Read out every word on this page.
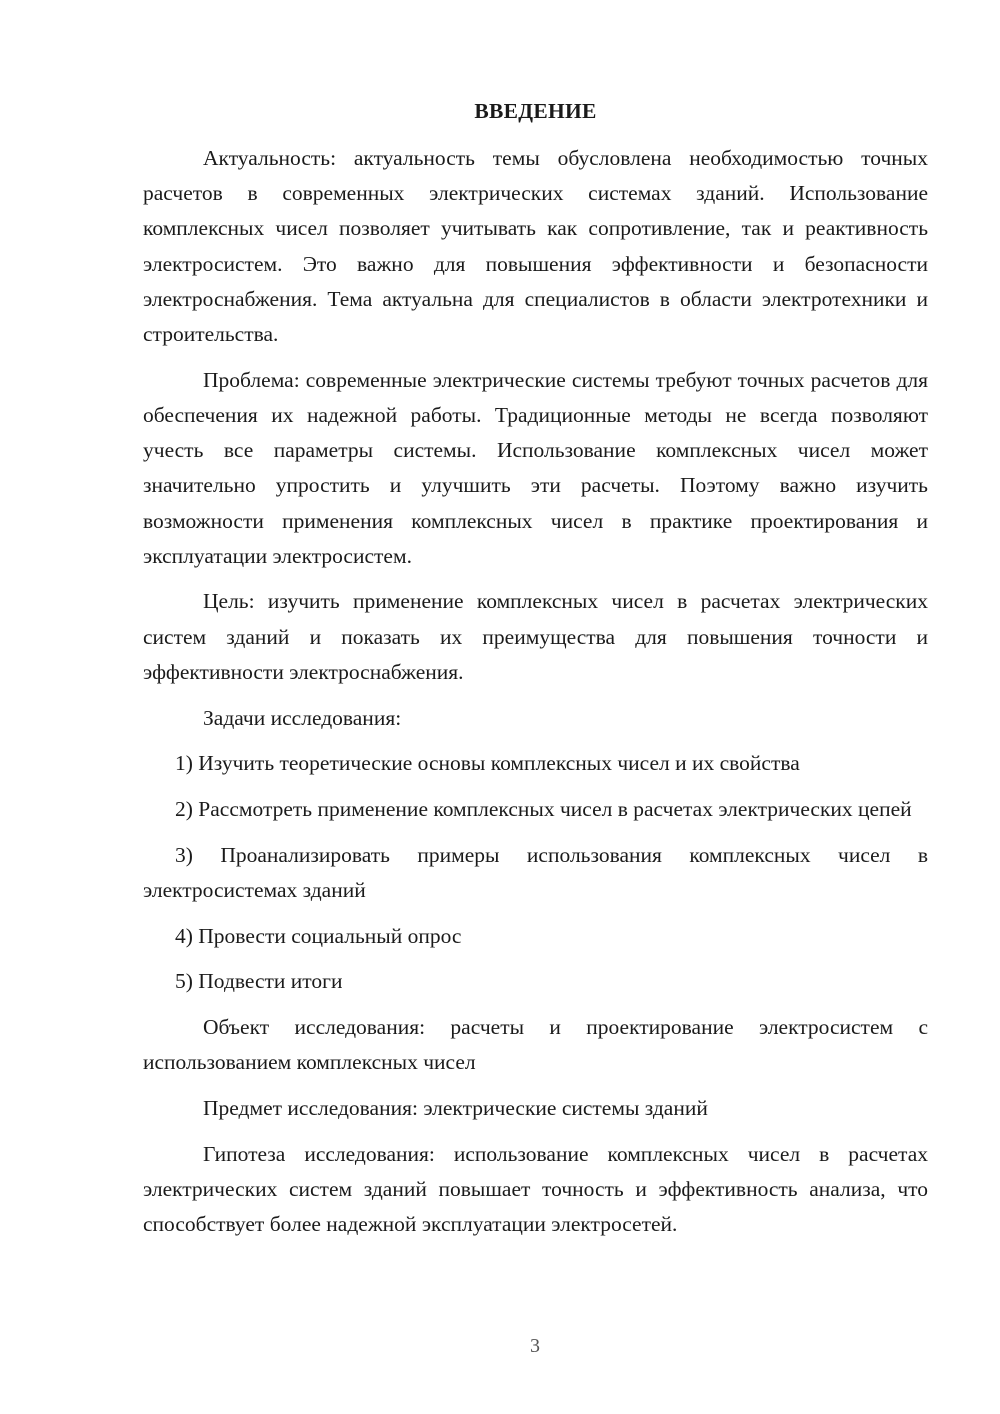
ВВЕДЕНИЕ

Актуальность: актуальность темы обусловлена необходимостью точных расчетов в современных электрических системах зданий. Использование комплексных чисел позволяет учитывать как сопротивление, так и реактивность электросистем. Это важно для повышения эффективности и безопасности электроснабжения. Тема актуальна для специалистов в области электротехники и строительства.

Проблема: современные электрические системы требуют точных расчетов для обеспечения их надежной работы. Традиционные методы не всегда позволяют учесть все параметры системы. Использование комплексных чисел может значительно упростить и улучшить эти расчеты. Поэтому важно изучить возможности применения комплексных чисел в практике проектирования и эксплуатации электросистем.

Цель: изучить применение комплексных чисел в расчетах электрических систем зданий и показать их преимущества для повышения точности и эффективности электроснабжения.

Задачи исследования:

1) Изучить теоретические основы комплексных чисел и их свойства

2) Рассмотреть применение комплексных чисел в расчетах электрических цепей

3) Проанализировать примеры использования комплексных чисел в электросистемах зданий

4) Провести социальный опрос

5) Подвести итоги

Объект исследования: расчеты и проектирование электросистем с использованием комплексных чисел

Предмет исследования: электрические системы зданий

Гипотеза исследования: использование комплексных чисел в расчетах электрических систем зданий повышает точность и эффективность анализа, что способствует более надежной эксплуатации электросетей.

3
